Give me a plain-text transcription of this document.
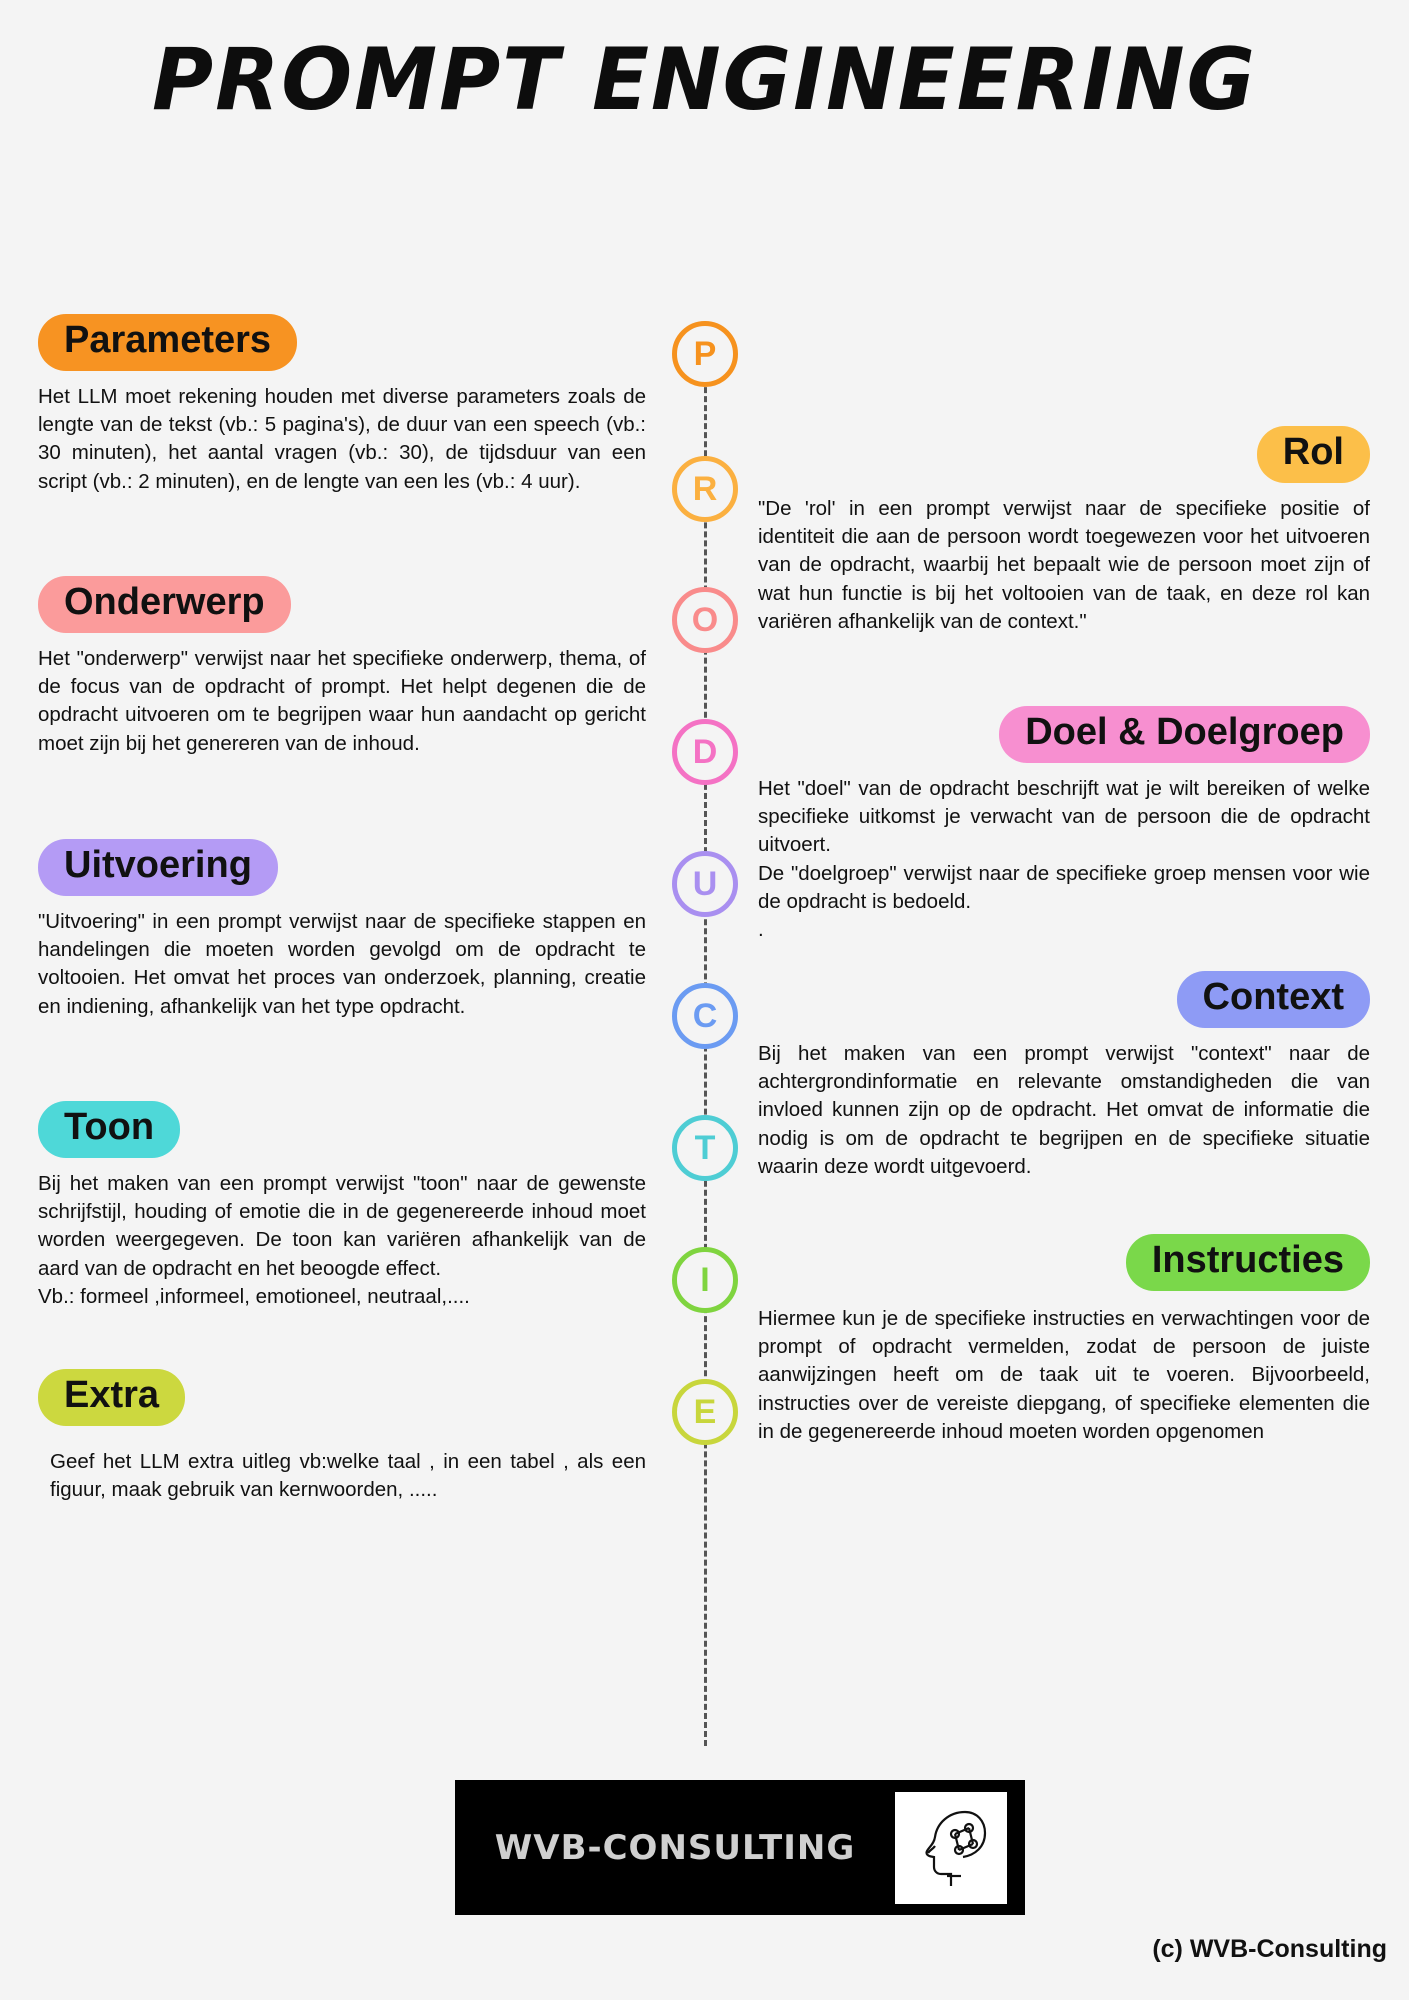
PROMPT ENGINEERING
P
R
O
D
U
C
T
I
E
Parameters
Het LLM moet rekening houden met diverse parameters zoals de lengte van de tekst (vb.: 5 pagina's), de duur van een speech (vb.: 30 minuten), het aantal vragen (vb.: 30), de tijdsduur van een script (vb.: 2 minuten), en de lengte van een les (vb.: 4 uur).
Onderwerp
Het "onderwerp" verwijst naar het specifieke onderwerp, thema, of de focus van de opdracht of prompt. Het helpt degenen die de opdracht uitvoeren om te begrijpen waar hun aandacht op gericht moet zijn bij het genereren van de inhoud.
Uitvoering
"Uitvoering" in een prompt verwijst naar de specifieke stappen en handelingen die moeten worden gevolgd om de opdracht te voltooien. Het omvat het proces van onderzoek, planning, creatie en indiening, afhankelijk van het type opdracht.
Toon
Bij het maken van een prompt verwijst "toon" naar de gewenste schrijfstijl, houding of emotie die in de gegenereerde inhoud moet worden weergegeven. De toon kan variëren afhankelijk van de aard van de opdracht en het beoogde effect.
Vb.: formeel ,informeel, emotioneel, neutraal,....
Extra
Geef het LLM extra uitleg vb:welke taal , in een tabel , als een figuur, maak gebruik van kernwoorden, .....
Rol
"De 'rol' in een prompt verwijst naar de specifieke positie of identiteit die aan de persoon wordt toegewezen voor het uitvoeren van de opdracht, waarbij het bepaalt wie de persoon moet zijn of wat hun functie is bij het voltooien van de taak, en deze rol kan variëren afhankelijk van de context."
Doel & Doelgroep
Het "doel" van de opdracht beschrijft wat je wilt bereiken of welke specifieke uitkomst je verwacht van de persoon die de opdracht uitvoert.
De "doelgroep" verwijst naar de specifieke groep mensen voor wie de opdracht is bedoeld.
.
Context
Bij het maken van een prompt verwijst "context" naar de achtergrondinformatie en relevante omstandigheden die van invloed kunnen zijn op de opdracht. Het omvat de informatie die nodig is om de opdracht te begrijpen en de specifieke situatie waarin deze wordt uitgevoerd.
Instructies
Hiermee kun je de specifieke instructies en verwachtingen voor de prompt of opdracht vermelden, zodat de persoon de juiste aanwijzingen heeft om de taak uit te voeren. Bijvoorbeeld, instructies over de vereiste diepgang, of specifieke elementen die in de gegenereerde inhoud moeten worden opgenomen
WVB-CONSULTING
(c) WVB-Consulting
